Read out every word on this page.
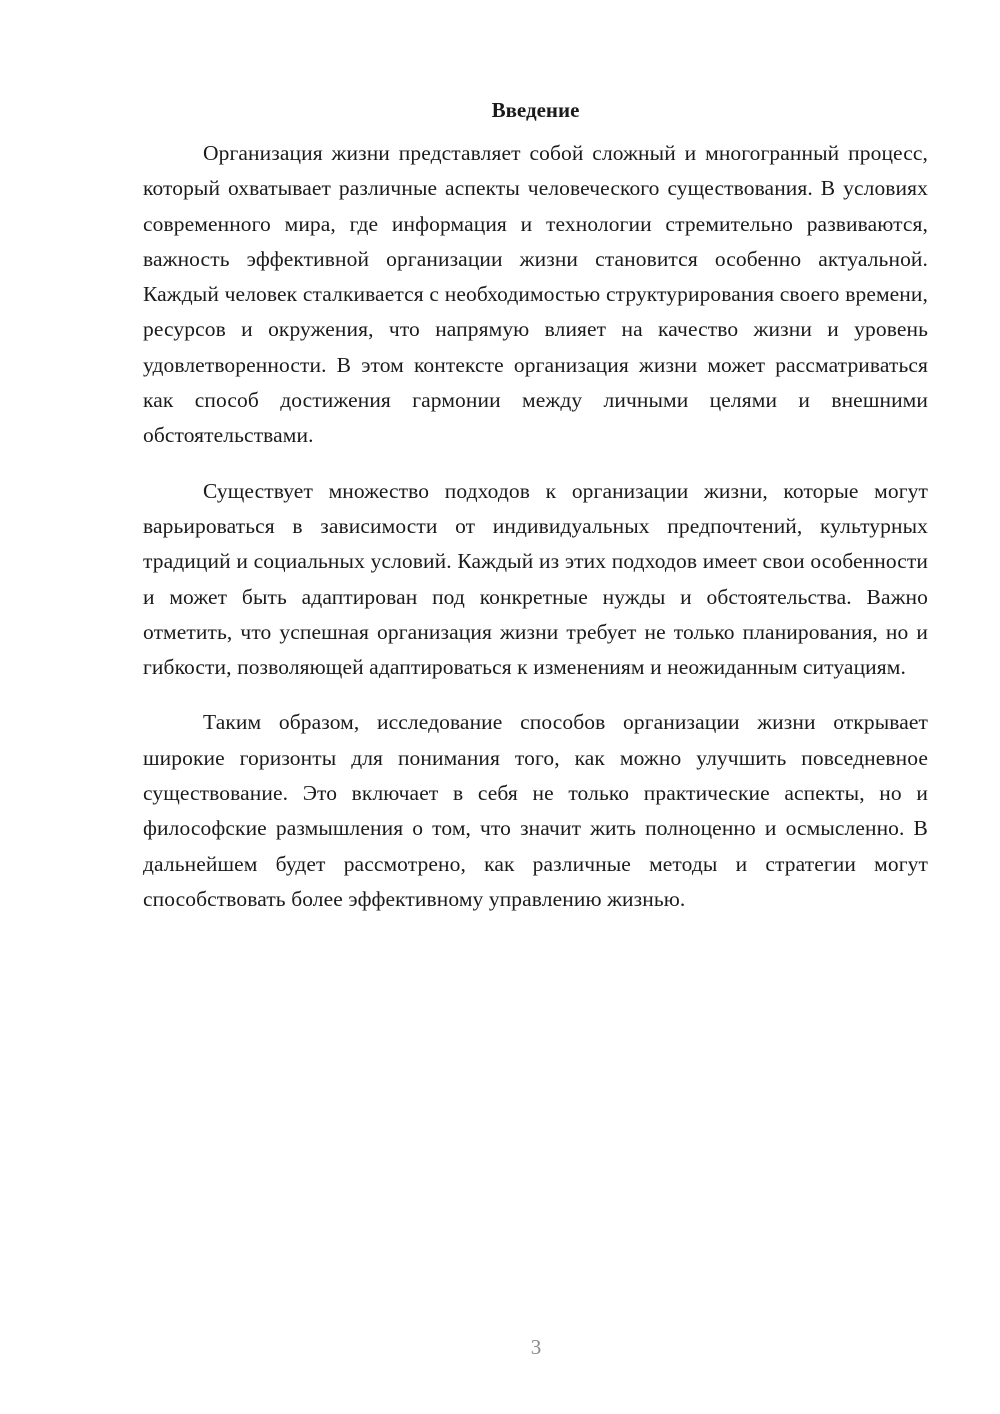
Введение

Организация жизни представляет собой сложный и многогранный процесс, который охватывает различные аспекты человеческого существования. В условиях современного мира, где информация и технологии стремительно развиваются, важность эффективной организации жизни становится особенно актуальной. Каждый человек сталкивается с необходимостью структурирования своего времени, ресурсов и окружения, что напрямую влияет на качество жизни и уровень удовлетворенности. В этом контексте организация жизни может рассматриваться как способ достижения гармонии между личными целями и внешними обстоятельствами.

Существует множество подходов к организации жизни, которые могут варьироваться в зависимости от индивидуальных предпочтений, культурных традиций и социальных условий. Каждый из этих подходов имеет свои особенности и может быть адаптирован под конкретные нужды и обстоятельства. Важно отметить, что успешная организация жизни требует не только планирования, но и гибкости, позволяющей адаптироваться к изменениям и неожиданным ситуациям.

Таким образом, исследование способов организации жизни открывает широкие горизонты для понимания того, как можно улучшить повседневное существование. Это включает в себя не только практические аспекты, но и философские размышления о том, что значит жить полноценно и осмысленно. В дальнейшем будет рассмотрено, как различные методы и стратегии могут способствовать более эффективному управлению жизнью.

3
